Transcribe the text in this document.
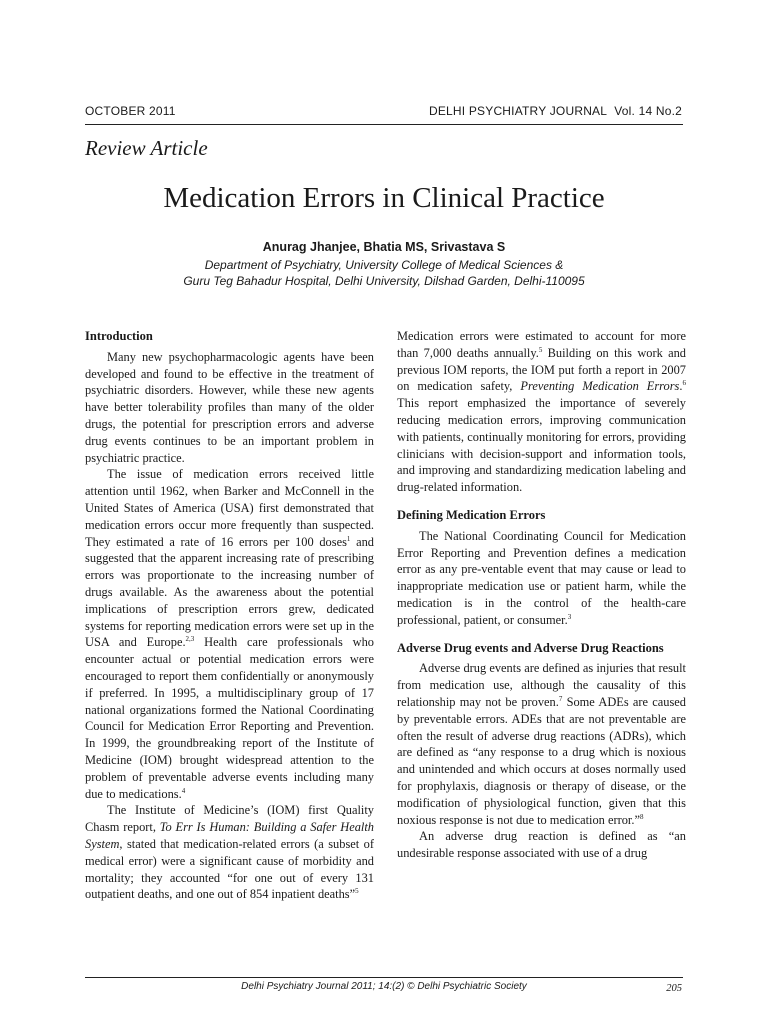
OCTOBER 2011	DELHI PSYCHIATRY JOURNAL Vol. 14 No.2
Review Article
Medication Errors in Clinical Practice
Anurag Jhanjee, Bhatia MS, Srivastava S
Department of Psychiatry, University College of Medical Sciences &
Guru Teg Bahadur Hospital, Delhi University, Dilshad Garden, Delhi-110095
Introduction

Many new psychopharmacologic agents have been developed and found to be effective in the treatment of psychiatric disorders. However, while these new agents have better tolerability profiles than many of the older drugs, the potential for prescription errors and adverse drug events continues to be an important problem in psychiatric practice.

The issue of medication errors received little attention until 1962, when Barker and McConnell in the United States of America (USA) first demonstrated that medication errors occur more frequently than suspected. They estimated a rate of 16 errors per 100 doses$^1$ and suggested that the apparent increasing rate of prescribing errors was proportionate to the increasing number of drugs available. As the awareness about the potential implications of prescription errors grew, dedicated systems for reporting medication errors were set up in the USA and Europe.$^{2,3}$ Health care professionals who encounter actual or potential medication errors were encouraged to report them confidentially or anonymously if preferred. In 1995, a multidisciplinary group of 17 national organizations formed the National Coordinating Council for Medication Error Reporting and Prevention. In 1999, the groundbreaking report of the Institute of Medicine (IOM) brought widespread attention to the problem of preventable adverse events including many due to medications.$^4$

The Institute of Medicine’s (IOM) first Quality Chasm report, To Err Is Human: Building a Safer Health System, stated that medication-related errors (a subset of medical error) were a significant cause of morbidity and mortality; they accounted “for one out of every 131 outpatient deaths, and one out of 854 inpatient deaths”$^5$

Medication errors were estimated to account for more than 7,000 deaths annually.$^5$ Building on this work and previous IOM reports, the IOM put forth a report in 2007 on medication safety, Preventing Medication Errors.$^6$ This report emphasized the importance of severely reducing medication errors, improving communication with patients, continually monitoring for errors, providing clinicians with decision-support and information tools, and improving and standardizing medication labeling and drug-related information.

Defining Medication Errors

The National Coordinating Council for Medication Error Reporting and Prevention defines a medication error as any pre-ventable event that may cause or lead to inappropriate medication use or patient harm, while the medication is in the control of the health-care professional, patient, or consumer.$^3$

Adverse Drug events and Adverse Drug Reactions

Adverse drug events are defined as injuries that result from medication use, although the causality of this relationship may not be proven.$^7$ Some ADEs are caused by preventable errors. ADEs that are not preventable are often the result of adverse drug reactions (ADRs), which are defined as “any response to a drug which is noxious and unintended and which occurs at doses normally used for prophylaxis, diagnosis or therapy of disease, or the modification of physiological function, given that this noxious response is not due to medication error.”$^8$

An adverse drug reaction is defined as “an undesirable response associated with use of a drug

Delhi Psychiatry Journal 2011; 14:(2) © Delhi Psychiatric Society	205
